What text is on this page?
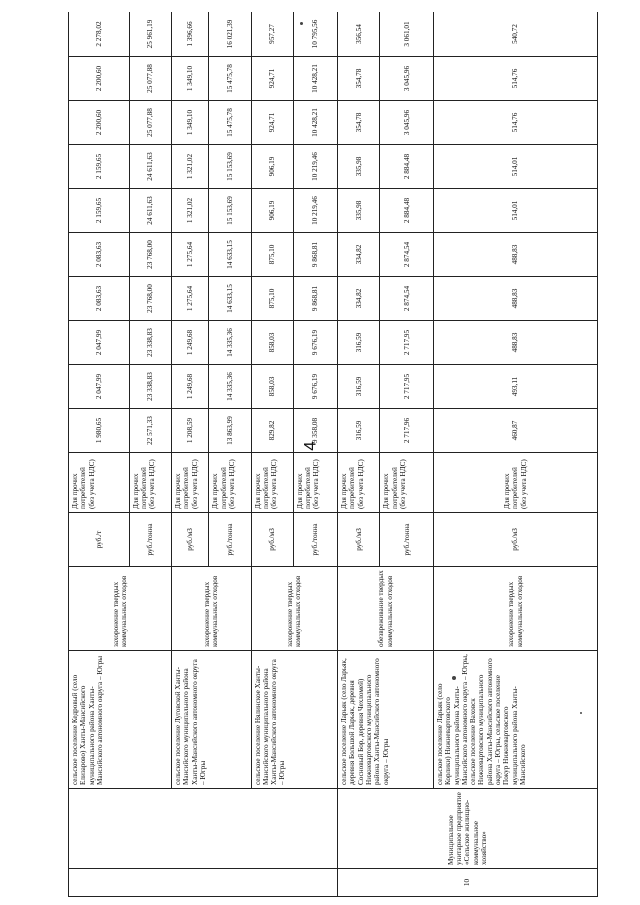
4
		сельское поселение Кедровый (село Елизарово) Ханты-Мансийского муниципального района Ханты-Мансийского автономного округа – Югры	захоронение твердых коммунальных отходов	руб./т	Для прочих потребителей (без учета НДС)	1 980,65	2 047,99	2 047,99	2 083,63	2 083,63	2 159,65	2 159,65	2 200,60	2 200,60	2 278,02
				руб./тонна	Для прочих потребителей (без учета НДС)	22 571,33	23 338,83	23 338,83	23 768,00	23 768,00	24 611,63	24 611,63	25 077,88	25 077,88	25 961,19
		сельское поселение Луговской Ханты-Мансийского муниципального района Ханты-Мансийского автономного округа – Югры	захоронение твердых коммунальных отходов	руб./м3	Для прочих потребителей (без учета НДС)	1 208,59	1 249,68	1 249,68	1 275,64	1 275,64	1 321,02	1 321,02	1 349,10	1 349,10	1 396,66
				руб./тонна	Для прочих потребителей (без учета НДС)	13 863,99	14 335,36	14 335,36	14 633,15	14 633,15	15 153,69	15 153,69	15 475,78	15 475,78	16 021,39
		сельское поселение Нялинское Ханты-Мансийского муниципального района Ханты-Мансийского автономного округа – Югры	захоронение твердых коммунальных отходов	руб./м3	Для прочих потребителей (без учета НДС)	829,82	858,03	858,03	875,10	875,10	906,19	906,19	924,71	924,71	957,27
				руб./тонна	Для прочих потребителей (без учета НДС)	9 358,08	9 676,19	9 676,19	9 868,81	9 868,81	10 219,46	10 219,46	10 428,21	10 428,21	10 795,56
10	Муниципальное унитарное предприятие «Сельское жилищно-коммунальное хозяйство»	сельское поселение Ларьяк (село Ларьяк, деревня Большой Ларьяк, деревня Сосновый Бор, деревня Чехломей) Нижневартовского муниципального района Ханты-Мансийского автономного округа – Югры	обезвреживание твердых коммунальных отходов	руб./м3	Для прочих потребителей (без учета НДС)	316,59	316,59	316,59	334,82	334,82	335,98	335,98	354,78	354,78	356,54
				руб./тонна	Для прочих потребителей (без учета НДС)	2 717,96	2 717,95	2 717,95	2 874,54	2 874,54	2 884,48	2 884,48	3 045,96	3 045,96	3 061,01
		сельское поселение Ларьяк (село Корлики) Нижневартовского муниципального района Ханты-Мансийского автономного округа – Югры, сельское поселение Ваховск Нижневартовского муниципального района Ханты-Мансийского автономного округа – Югры, сельское поселение Покур Нижневартовского муниципального района Ханты-Мансийского	захоронение твердых коммунальных отходов	руб./м3	Для прочих потребителей (без учета НДС)	460,87	493,11	488,83	488,83	488,83	514,01	514,01	514,76	514,76	540,72
